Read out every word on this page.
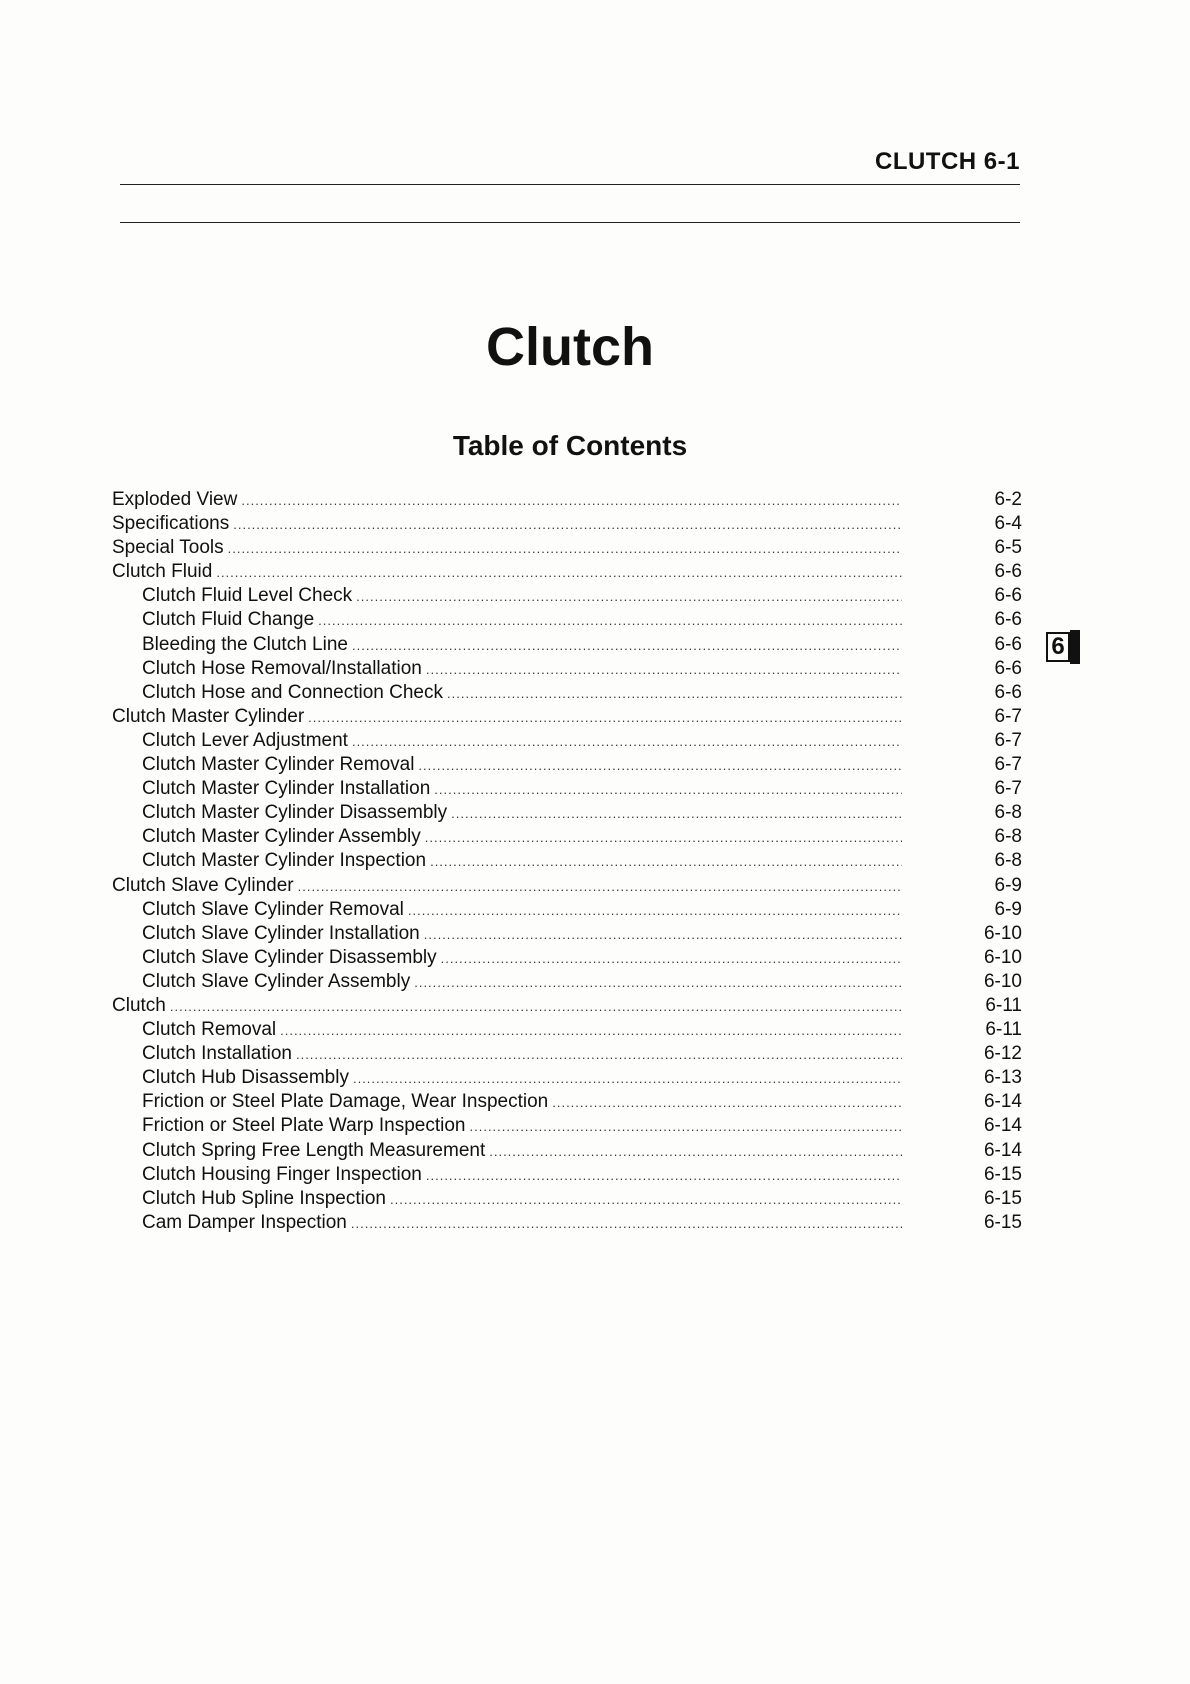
CLUTCH 6-1
Clutch
Table of Contents
Exploded View .....	6-2
Specifications .....	6-4
Special Tools .....	6-5
Clutch Fluid .....	6-6
Clutch Fluid Level Check .....	6-6
Clutch Fluid Change .....	6-6
Bleeding the Clutch Line .....	6-6
Clutch Hose Removal/Installation .....	6-6
Clutch Hose and Connection Check .....	6-6
Clutch Master Cylinder .....	6-7
Clutch Lever Adjustment .....	6-7
Clutch Master Cylinder Removal .....	6-7
Clutch Master Cylinder Installation .....	6-7
Clutch Master Cylinder Disassembly .....	6-8
Clutch Master Cylinder Assembly .....	6-8
Clutch Master Cylinder Inspection .....	6-8
Clutch Slave Cylinder .....	6-9
Clutch Slave Cylinder Removal .....	6-9
Clutch Slave Cylinder Installation .....	6-10
Clutch Slave Cylinder Disassembly .....	6-10
Clutch Slave Cylinder Assembly .....	6-10
Clutch .....	6-11
Clutch Removal .....	6-11
Clutch Installation .....	6-12
Clutch Hub Disassembly .....	6-13
Friction or Steel Plate Damage, Wear Inspection .....	6-14
Friction or Steel Plate Warp Inspection .....	6-14
Clutch Spring Free Length Measurement .....	6-14
Clutch Housing Finger Inspection .....	6-15
Clutch Hub Spline Inspection .....	6-15
Cam Damper Inspection .....	6-15
6
